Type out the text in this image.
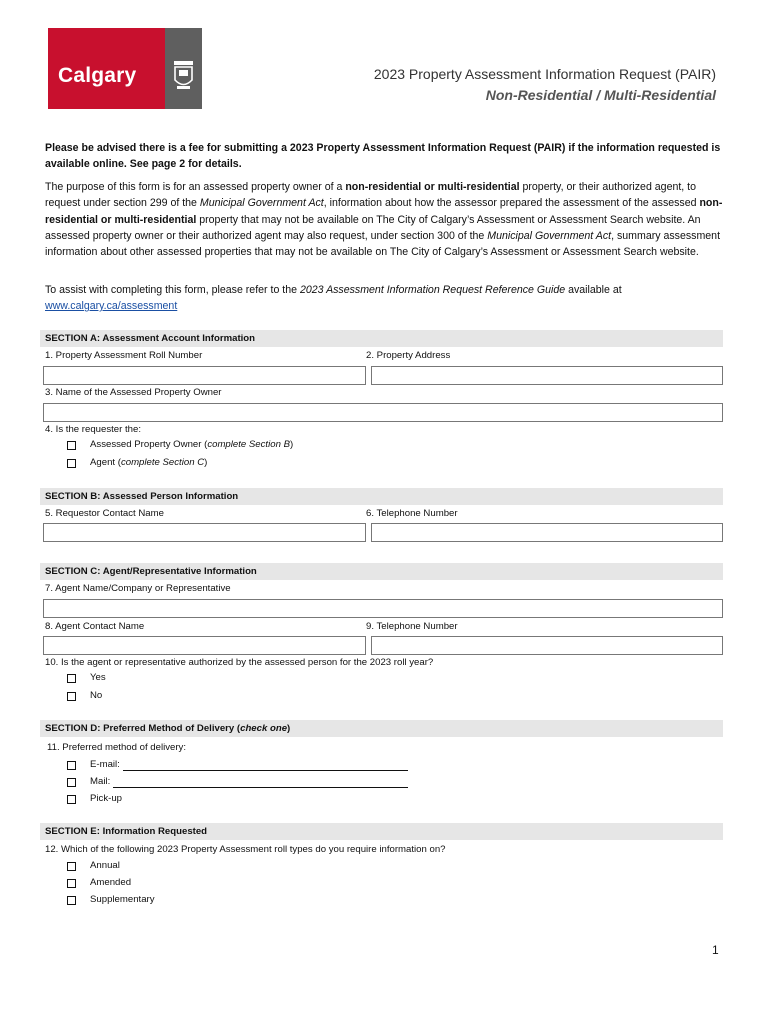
Calgary	2023 Property Assessment Information Request (PAIR)
Non-Residential / Multi-Residential
Please be advised there is a fee for submitting a 2023 Property Assessment Information Request (PAIR) if the information requested is available online. See page 2 for details.
The purpose of this form is for an assessed property owner of a non-residential or multi-residential property, or their authorized agent, to request under section 299 of the Municipal Government Act, information about how the assessor prepared the assessment of the assessed non-residential or multi-residential property that may not be available on The City of Calgary’s Assessment or Assessment Search website. An assessed property owner or their authorized agent may also request, under section 300 of the Municipal Government Act, summary assessment information about other assessed properties that may not be available on The City of Calgary’s Assessment or Assessment Search website.
To assist with completing this form, please refer to the 2023 Assessment Information Request Reference Guide available at
www.calgary.ca/assessment
SECTION A: Assessment Account Information
1. Property Assessment Roll Number	2. Property Address
3. Name of the Assessed Property Owner
4. Is the requester the:
Assessed Property Owner (complete Section B)
Agent (complete Section C)
SECTION B: Assessed Person Information
5. Requestor Contact Name	6. Telephone Number
SECTION C: Agent/Representative Information
7. Agent Name/Company or Representative
8. Agent Contact Name	9. Telephone Number
10. Is the agent or representative authorized by the assessed person for the 2023 roll year?
Yes
No
SECTION D: Preferred Method of Delivery (check one)
11. Preferred method of delivery:
E-mail:
Mail:
Pick-up
SECTION E: Information Requested
12. Which of the following 2023 Property Assessment roll types do you require information on?
Annual
Amended
Supplementary
1
